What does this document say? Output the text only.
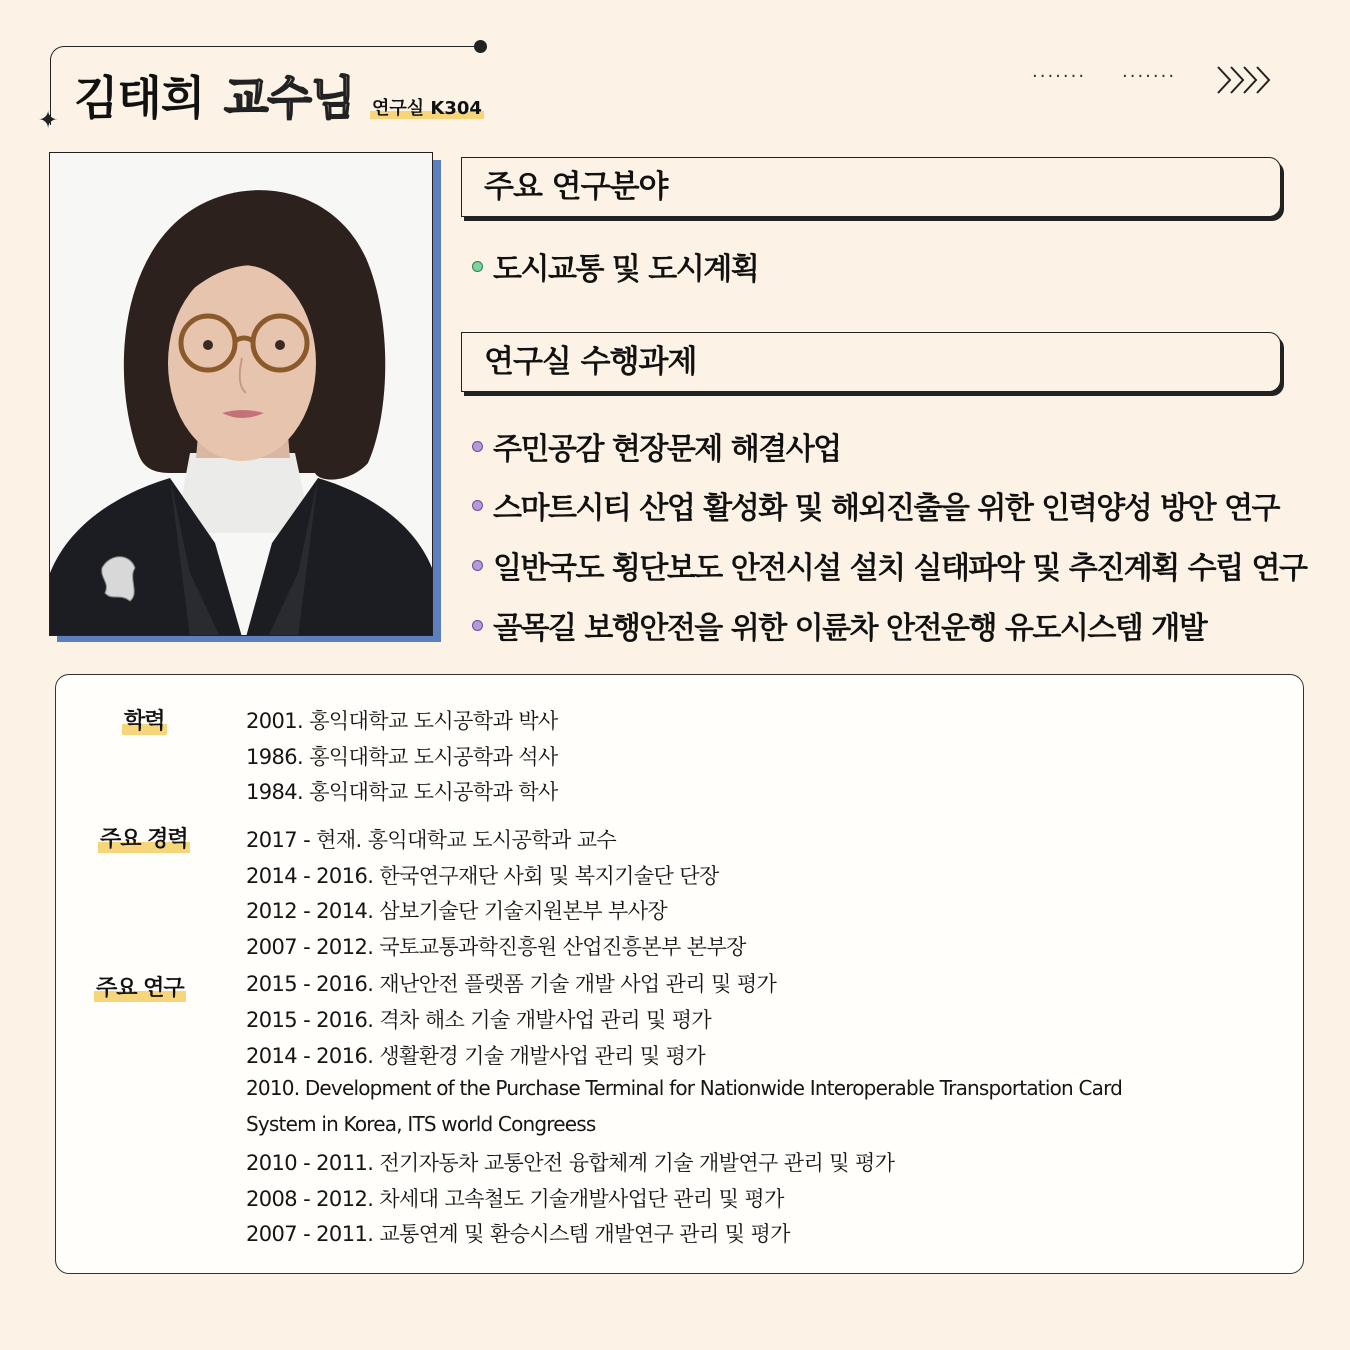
✦ 김태희 교수님 연구실 K304
······· ·······
주요 연구분야
도시교통 및 도시계획
연구실 수행과제
주민공감 현장문제 해결사업
스마트시티 산업 활성화 및 해외진출을 위한 인력양성 방안 연구
일반국도 횡단보도 안전시설 설치 실태파악 및 추진계획 수립 연구
골목길 보행안전을 위한 이륜차 안전운행 유도시스템 개발
학력	2001. 홍익대학교 도시공학과 박사
1986. 홍익대학교 도시공학과 석사
1984. 홍익대학교 도시공학과 학사
주요 경력	2017 - 현재. 홍익대학교 도시공학과 교수
2014 - 2016. 한국연구재단 사회 및 복지기술단 단장
2012 - 2014. 삼보기술단 기술지원본부 부사장
2007 - 2012. 국토교통과학진흥원 산업진흥본부 본부장
주요 연구	2015 - 2016. 재난안전 플랫폼 기술 개발 사업 관리 및 평가
2015 - 2016. 격차 해소 기술 개발사업 관리 및 평가
2014 - 2016. 생활환경 기술 개발사업 관리 및 평가
2010. Development of the Purchase Terminal for Nationwide Interoperable Transportation Card
System in Korea, ITS world Congreess
2010 - 2011. 전기자동차 교통안전 융합체계 기술 개발연구 관리 및 평가
2008 - 2012. 차세대 고속철도 기술개발사업단 관리 및 평가
2007 - 2011. 교통연계 및 환승시스템 개발연구 관리 및 평가
